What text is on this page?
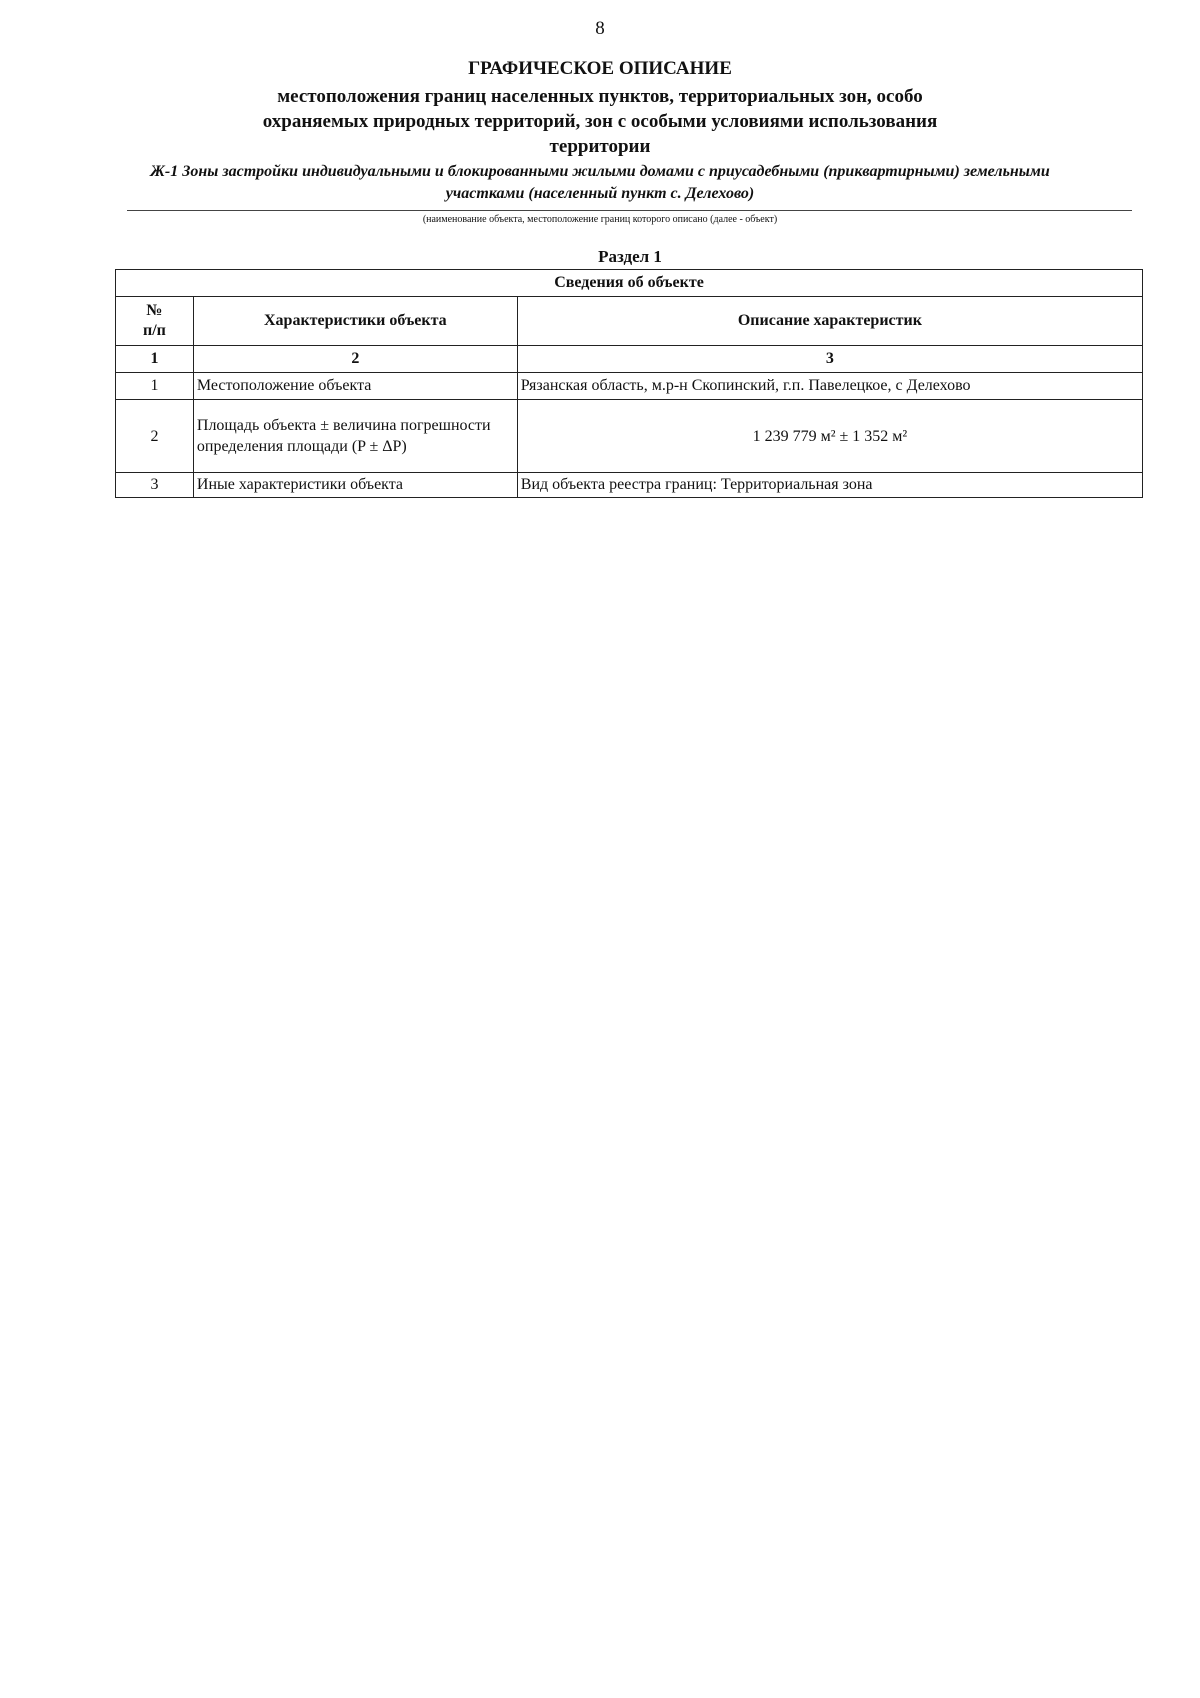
8
ГРАФИЧЕСКОЕ ОПИСАНИЕ
местоположения границ населенных пунктов, территориальных зон, особо охраняемых природных территорий, зон с особыми условиями использования территории
Ж-1 Зоны застройки индивидуальными и блокированными жилыми домами с приусадебными (приквартирными) земельными участками (населенный пункт с. Делехово)
(наименование объекта, местоположение границ которого описано (далее - объект)
Раздел 1
Сведения об объекте		
№
п/п	Характеристики объекта	Описание характеристик
1	2	3
1	Местоположение объекта	Рязанская область, м.р-н Скопинский, г.п. Павелецкое, с Делехово
2	Площадь объекта ± величина погрешности определения площади (P ± ΔP)	1 239 779 м² ± 1 352 м²
3	Иные характеристики объекта	Вид объекта реестра границ: Территориальная зона
